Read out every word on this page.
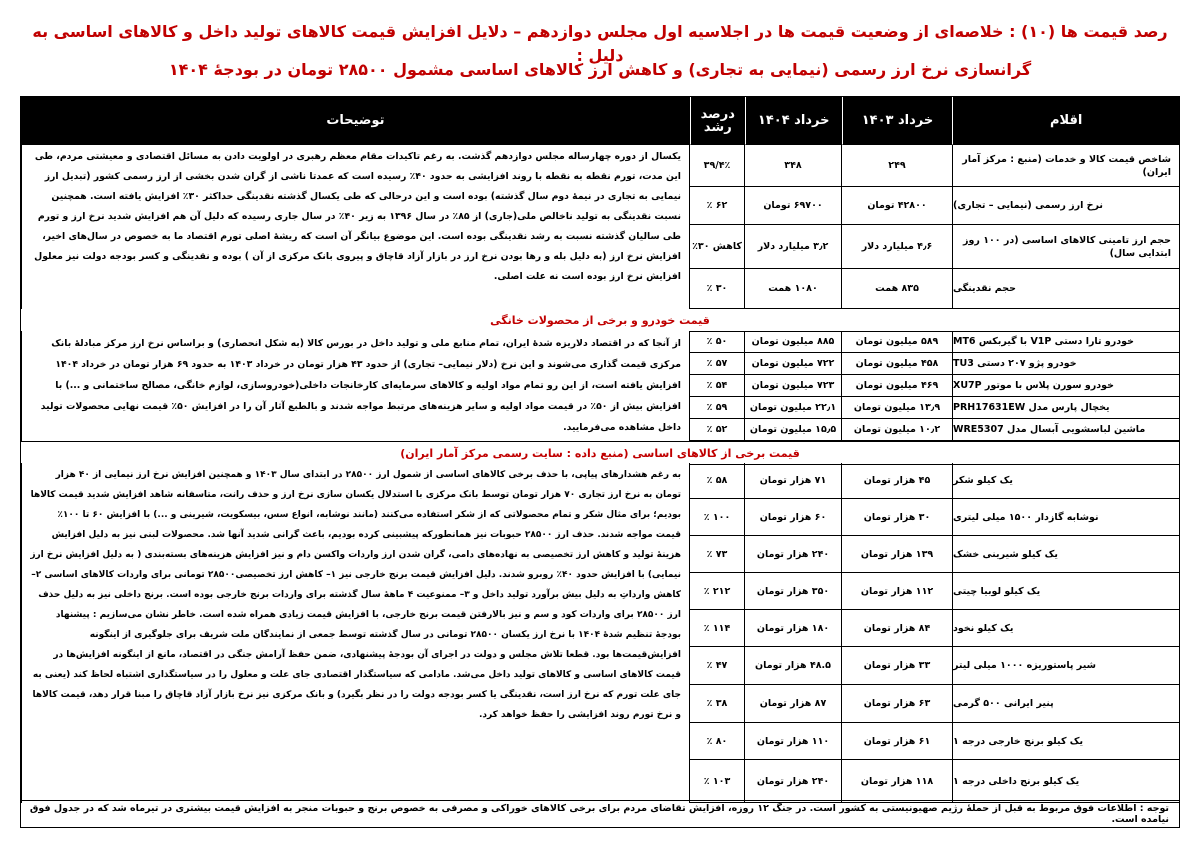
رصد قیمت ها (۱۰) : خلاصه‌ای از وضعیت قیمت ها در اجلاسیه اول مجلس دوازدهم – دلایل افزایش قیمت کالاهای تولید داخل و کالاهای اساسی به دلیل :
گرانسازی نرخ ارز رسمی (نیمایی به تجاری) و کاهش ارز کالاهای اساسی مشمول ۲۸۵۰۰ تومان در بودجهٔ ۱۴۰۴
اقلام
خرداد ۱۴۰۳
خرداد ۱۴۰۴
درصد رشد
توضیحات
شاخص قیمت کالا و خدمات (منبع : مرکز آمار ایران)
۲۴۹
۳۴۸
۳۹/۴٪
نرخ ارز رسمی (نیمایی – تجاری)
۴۲۸۰۰ تومان
۶۹۷۰۰ تومان
۶۲ ٪
حجم ارز تامینی کالاهای اساسی (در ۱۰۰ روز ابتدایی سال)
۴٫۶ میلیارد دلار
۳٫۲ میلیارد دلار
کاهش ۳۰٪
حجم نقدینگی
۸۳۵ همت
۱۰۸۰ همت
۳۰ ٪
یکسال از دوره چهارساله مجلس دوازدهم گذشت. به رغم تاکیدات مقام معظم رهبری در اولویت دادن به مسائل اقتصادی و معیشتی مردم، طی این مدت، تورم نقطه به نقطه با روند افزایشی به حدود ۴۰٪ رسیده است که عمدتا ناشی از گران شدن بخشی از ارز رسمی کشور (تبدیل ارز نیمایی به تجاری در نیمهٔ دوم سال گذشته) بوده است و این درحالی که طی یکسال گذشته نقدینگی حداکثر ۳۰٪ افزایش یافته است. همچنین نسبت نقدینگی به تولید ناخالص ملی(جاری) از ۸۵٪ در سال ۱۳۹۶ به زیر ۴۰٪ در سال جاری رسیده که دلیل آن هم افزایش شدید نرخ ارز و تورم طی سالیان گذشته نسبت به رشد نقدینگی بوده است. این موضوع بیانگر آن است که ریشهٔ اصلی تورم اقتصاد ما به خصوص در سال‌های اخیر، افزایش نرخ ارز (به دلیل بله و رها بودن نرخ ارز در بازار آزاد قاچاق و پیروی بانک مرکزی از آن ) بوده و نقدینگی و کسر بودجه دولت نیز معلول افزایش نرخ ارز بوده است نه علت اصلی.
قیمت خودرو و برخی از محصولات خانگی
خودرو تارا دستی V1P با گیربکس MT6
۵۸۹ میلیون تومان
۸۸۵ میلیون تومان
۵۰ ٪
خودرو پژو ۲۰۷ دستی TU3
۴۵۸ میلیون تومان
۷۲۲ میلیون تومان
۵۷ ٪
خودرو سورن پلاس با موتور XU7P
۴۶۹ میلیون تومان
۷۲۳ میلیون تومان
۵۴ ٪
یخچال پارس مدل PRH17631EW
۱۳٫۹ میلیون تومان
۲۲٫۱ میلیون تومان
۵۹ ٪
ماشین لباسشویی آبسال مدل WRE5307
۱۰٫۲ میلیون تومان
۱۵٫۵ میلیون تومان
۵۲ ٪
از آنجا که در اقتصاد دلاریزه شدهٔ ایران، تمام منابع ملی و تولید داخل در بورس کالا (به شکل انحصاری) و براساس نرخ ارز مرکز مبادلهٔ بانک مرکزی قیمت گذاری می‌شوند و این نرخ (دلار نیمایی– تجاری) از حدود ۴۳ هزار تومان در خرداد ۱۴۰۳ به حدود ۶۹ هزار تومان در خرداد ۱۴۰۴ افزایش یافته است، از این رو تمام مواد اولیه و کالاهای سرمایه‌ای کارخانجات داخلی(خودروسازی، لوازم خانگی، مصالح ساختمانی و ...) با افزایش بیش از ۵۰٪ در قیمت مواد اولیه و سایر هزینه‌های مرتبط مواجه شدند و بالطبع آثار آن را در افزایش ۵۰٪ قیمت نهایی محصولات تولید داخل مشاهده می‌فرمایید.
قیمت برخی از کالاهای اساسی (منبع داده : سایت رسمی مرکز آمار ایران)
یک کیلو شکر
۴۵ هزار تومان
۷۱ هزار تومان
۵۸ ٪
نوشابه گازدار ۱۵۰۰ میلی لیتری
۳۰ هزار تومان
۶۰ هزار تومان
۱۰۰ ٪
یک کیلو شیرینی خشک
۱۳۹ هزار تومان
۲۴۰ هزار تومان
۷۳ ٪
یک کیلو لوبیا چیتی
۱۱۲ هزار تومان
۳۵۰ هزار تومان
۲۱۲ ٪
یک کیلو نخود
۸۴ هزار تومان
۱۸۰ هزار تومان
۱۱۴ ٪
شیر پاستوریزه ۱۰۰۰ میلی لیتر
۳۳ هزار تومان
۴۸.۵ هزار تومان
۴۷ ٪
پنیر ایرانی ۵۰۰ گرمی
۶۳ هزار تومان
۸۷ هزار تومان
۳۸ ٪
یک کیلو برنج خارجی درجه ۱
۶۱ هزار تومان
۱۱۰ هزار تومان
۸۰ ٪
یک کیلو برنج داخلی درجه ۱
۱۱۸ هزار تومان
۲۴۰ هزار تومان
۱۰۳ ٪
به رغم هشدارهای پیاپی، با حذف برخی کالاهای اساسی از شمول ارز ۲۸۵۰۰ در ابتدای سال ۱۴۰۳ و همچنین افزایش نرخ ارز نیمایی از ۴۰ هزار تومان به نرخ ارز تجاری ۷۰ هزار تومان توسط بانک مرکزی با استدلال یکسان سازی نرخ ارز و حذف رانت، متاسفانه شاهد افزایش شدید قیمت کالاها بودیم؛ برای مثال شکر و تمام محصولاتی که از شکر استفاده می‌کنند (مانند نوشابه، انواع سس، بیسکویت، شیرینی و ...) با افزایش ۶۰ تا ۱۰۰٪ قیمت مواجه شدند. حذف ارز ۲۸۵۰۰ حبوبات نیز همانطورکه پیشبینی کرده بودیم، باعث گرانی شدید آنها شد. محصولات لبنی نیز به دلیل افزایش هزینهٔ تولید و کاهش ارز تخصیصی به نهاده‌های دامی، گران شدن ارز واردات واکسن دام و نیز افزایش هزینه‌های بسته‌بندی ( به دلیل افزایش نرخ ارز نیمایی) با افزایش حدود ۴۰٪ روبرو شدند. دلیل افزایش قیمت برنج خارجی نیز ۱– کاهش ارز تخصیصی۲۸۵۰۰ تومانی برای واردات کالاهای اساسی ۲– کاهش وارداتِ به دلیل بیش برآورد تولید داخل و ۳– ممنوعیت ۴ ماههٔ سال گذشته برای واردات برنج خارجی بوده است. برنج داخلی نیز به دلیل حذف ارز ۲۸۵۰۰ برای واردات کود و سم و نیز بالارفتن قیمت برنج خارجی، با افزایش قیمت زیادی همراه شده است. خاطر نشان می‌سازیم : پیشنهاد بودجهٔ تنظیم شدهٔ ۱۴۰۴ با نرخ ارز یکسان ۲۸۵۰۰ تومانی در سال گذشته توسط جمعی از نمایندگان ملت شریف برای جلوگیری از اینگونه افزایش‌قیمت‌ها بود. قطعا تلاش مجلس و دولت در اجرای آن بودجهٔ پیشنهادی، ضمن حفظ آرامش جنگی در اقتصاد، مانع از اینگونه افزایش‌ها در قیمت کالاهای اساسی و کالاهای تولید داخل می‌شد. مادامی که سیاستگذار اقتصادی جای علت و معلول را در سیاستگذاری اشتباه لحاظ کند (یعنی به جای علت تورم که نرخ ارز است، نقدینگی یا کسر بودجه دولت را در نظر بگیرد) و بانک مرکزی نیز نرخ بازار آزاد قاچاق را مبنا قرار دهد، قیمت کالاها و نرخ تورم روند افزایشی را حفظ خواهد کرد.
توجه : اطلاعات فوق مربوط به قبل از حملهٔ رژیم صهیونیستی به کشور است. در جنگ ۱۲ روزه، افزایش تقاضای مردم برای برخی کالاهای خوراکی و مصرفی به خصوص برنج و حبوبات منجر به افزایش قیمت بیشتری در تیرماه شد که در جدول فوق نیامده است.
